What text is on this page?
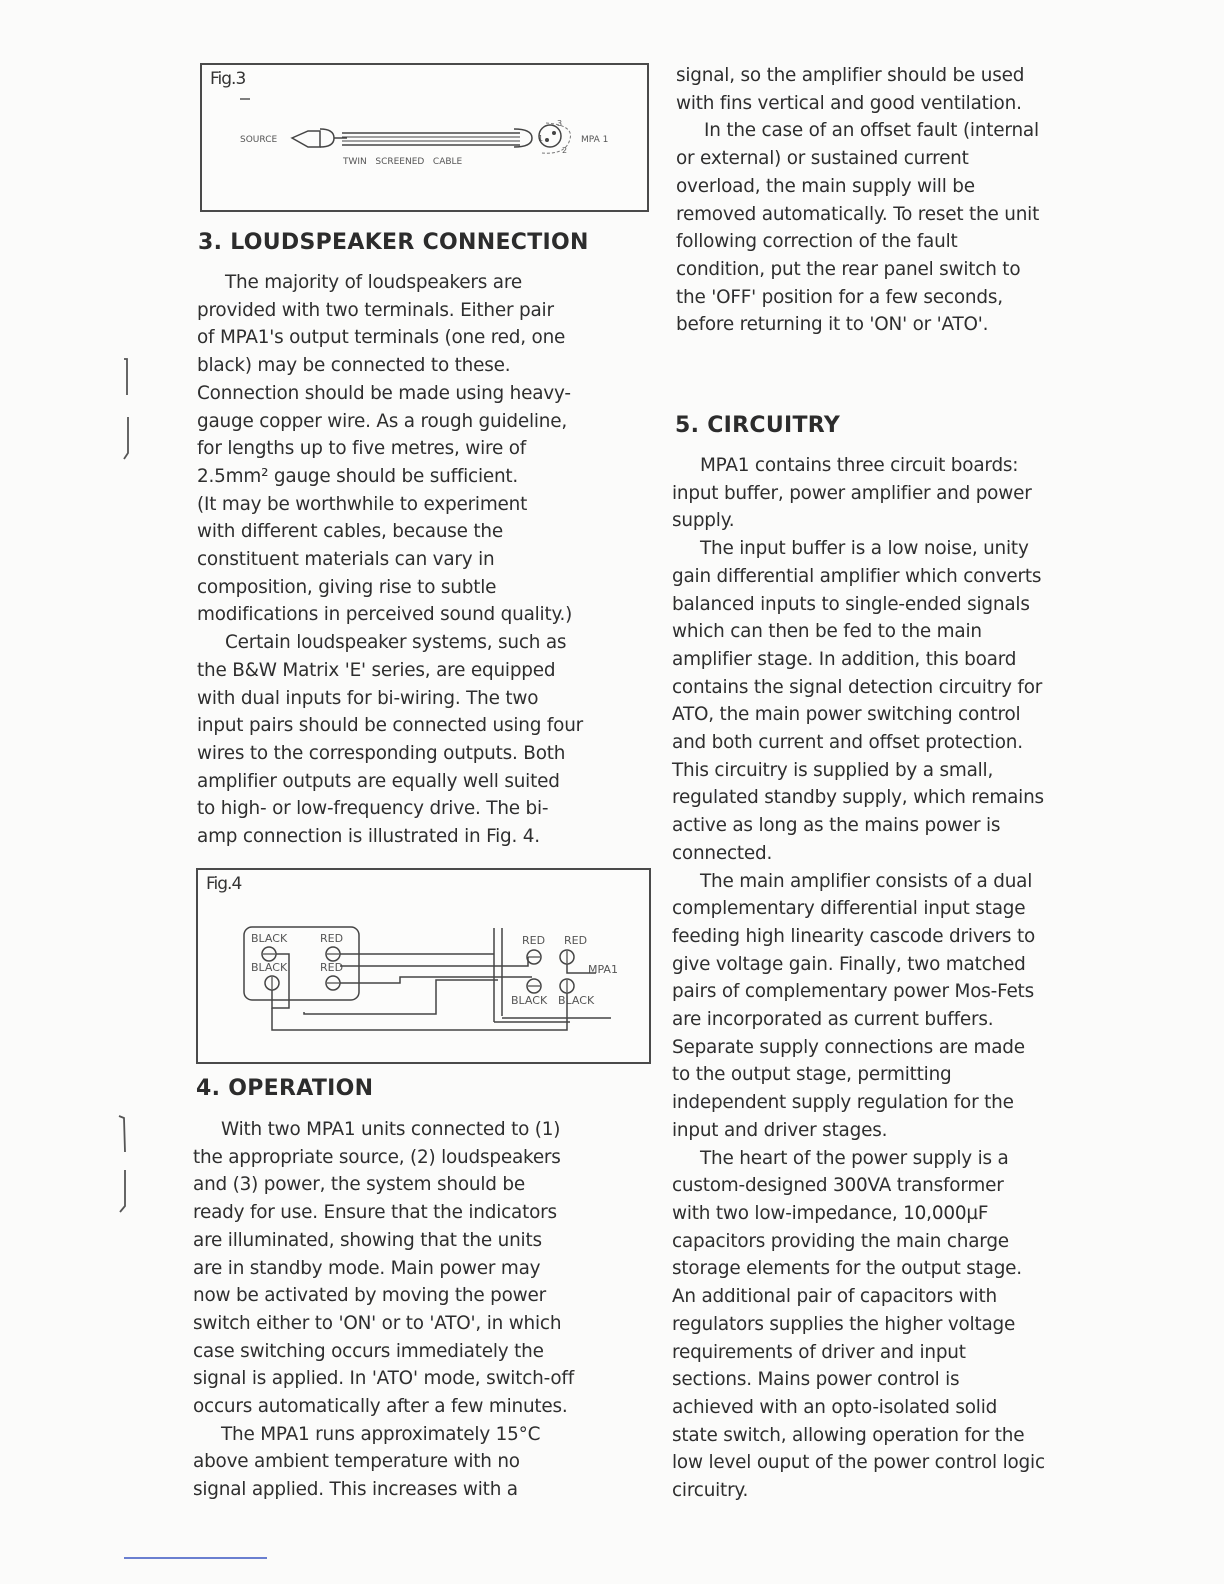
Fig.3
SOURCE
3
2
1	MPA 1
TWIN   SCREENED   CABLE
3. LOUDSPEAKER CONNECTION

The majority of loudspeakers are
provided with two terminals. Either pair
of MPA1's output terminals (one red, one
black) may be connected to these.
Connection should be made using heavy-
gauge copper wire. As a rough guideline,
for lengths up to five metres, wire of
2.5mm² gauge should be sufficient.
(It may be worthwhile to experiment
with different cables, because the
constituent materials can vary in
composition, giving rise to subtle
modifications in perceived sound quality.)

Certain loudspeaker systems, such as
the B&W Matrix 'E' series, are equipped
with dual inputs for bi-wiring. The two
input pairs should be connected using four
wires to the corresponding outputs. Both
amplifier outputs are equally well suited
to high- or low-frequency drive. The bi-
amp connection is illustrated in Fig. 4.

Fig.4
BLACK	RED
BLACK	RED
RED RED
MPA1
BLACK BLACK
4. OPERATION

With two MPA1 units connected to (1)
the appropriate source, (2) loudspeakers
and (3) power, the system should be
ready for use. Ensure that the indicators
are illuminated, showing that the units
are in standby mode. Main power may
now be activated by moving the power
switch either to 'ON' or to 'ATO', in which
case switching occurs immediately the
signal is applied. In 'ATO' mode, switch-off
occurs automatically after a few minutes.

The MPA1 runs approximately 15°C
above ambient temperature with no
signal applied. This increases with a

signal, so the amplifier should be used
with fins vertical and good ventilation.

In the case of an offset fault (internal
or external) or sustained current
overload, the main supply will be
removed automatically. To reset the unit
following correction of the fault
condition, put the rear panel switch to
the 'OFF' position for a few seconds,
before returning it to 'ON' or 'ATO'.

5. CIRCUITRY

MPA1 contains three circuit boards:
input buffer, power amplifier and power
supply.

The input buffer is a low noise, unity
gain differential amplifier which converts
balanced inputs to single-ended signals
which can then be fed to the main
amplifier stage. In addition, this board
contains the signal detection circuitry for
ATO, the main power switching control
and both current and offset protection.
This circuitry is supplied by a small,
regulated standby supply, which remains
active as long as the mains power is
connected.

The main amplifier consists of a dual
complementary differential input stage
feeding high linearity cascode drivers to
give voltage gain. Finally, two matched
pairs of complementary power Mos-Fets
are incorporated as current buffers.
Separate supply connections are made
to the output stage, permitting
independent supply regulation for the
input and driver stages.

The heart of the power supply is a
custom-designed 300VA transformer
with two low-impedance, 10,000µF
capacitors providing the main charge
storage elements for the output stage.
An additional pair of capacitors with
regulators supplies the higher voltage
requirements of driver and input
sections. Mains power control is
achieved with an opto-isolated solid
state switch, allowing operation for the
low level ouput of the power control logic
circuitry.
